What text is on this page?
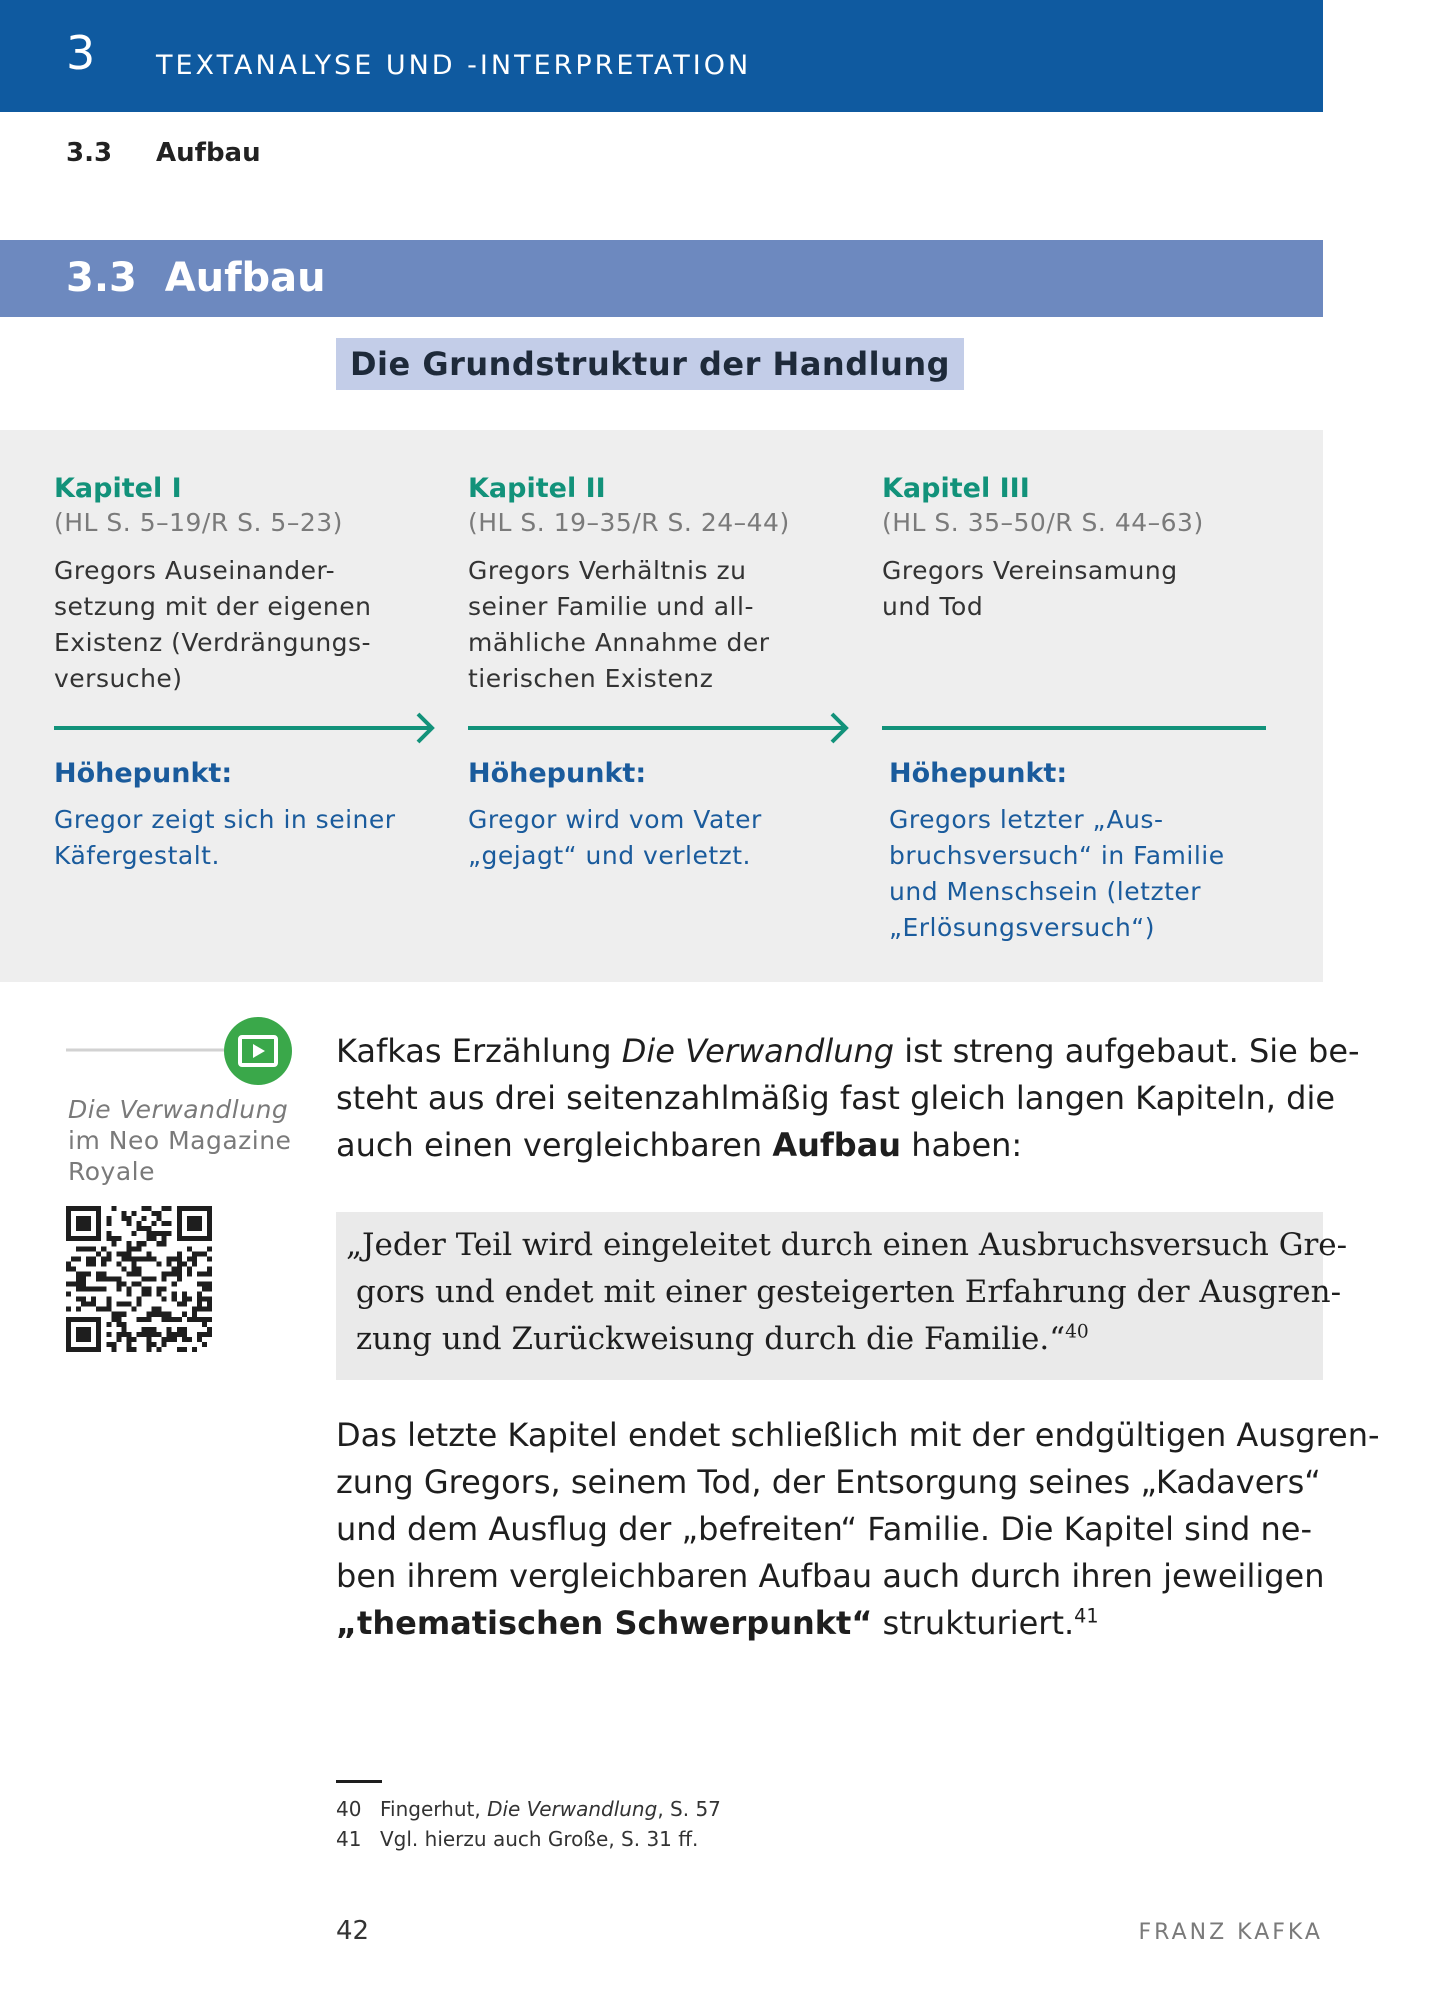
3 TEXTANALYSE UND -INTERPRETATION
3.3 Aufbau
3.3  Aufbau
Die Grundstruktur der Handlung
Kapitel I
(HL S. 5–19/R S. 5–23)
Gregors Auseinander-
setzung mit der eigenen
Existenz (Verdrängungs-
versuche)
Höhepunkt:
Gregor zeigt sich in seiner
Käfergestalt.
Kapitel II
(HL S. 19–35/R S. 24–44)
Gregors Verhältnis zu
seiner Familie und all-
mähliche Annahme der
tierischen Existenz
Höhepunkt:
Gregor wird vom Vater
„gejagt“ und verletzt.
Kapitel III
(HL S. 35–50/R S. 44–63)
Gregors Vereinsamung
und Tod
Höhepunkt:
Gregors letzter „Aus-
bruchsversuch“ in Familie
und Menschsein (letzter
„Erlösungsversuch“)
Die Verwandlung
im Neo Magazine
Royale
Kafkas Erzählung Die Verwandlung ist streng aufgebaut. Sie be-
steht aus drei seitenzahlmäßig fast gleich langen Kapiteln, die
auch einen vergleichbaren Aufbau haben:
„Jeder Teil wird eingeleitet durch einen Ausbruchsversuch Gre-
gors und endet mit einer gesteigerten Erfahrung der Ausgren-
zung und Zurückweisung durch die Familie.“$^{40}$
Das letzte Kapitel endet schließlich mit der endgültigen Ausgren-
zung Gregors, seinem Tod, der Entsorgung seines „Kadavers“
und dem Ausflug der „befreiten“ Familie. Die Kapitel sind ne-
ben ihrem vergleichbaren Aufbau auch durch ihren jeweiligen
„thematischen Schwerpunkt“ strukturiert.$^{41}$
40 Fingerhut, Die Verwandlung, S. 57
41 Vgl. hierzu auch Große, S. 31 ff.
42	FRANZ KAFKA
